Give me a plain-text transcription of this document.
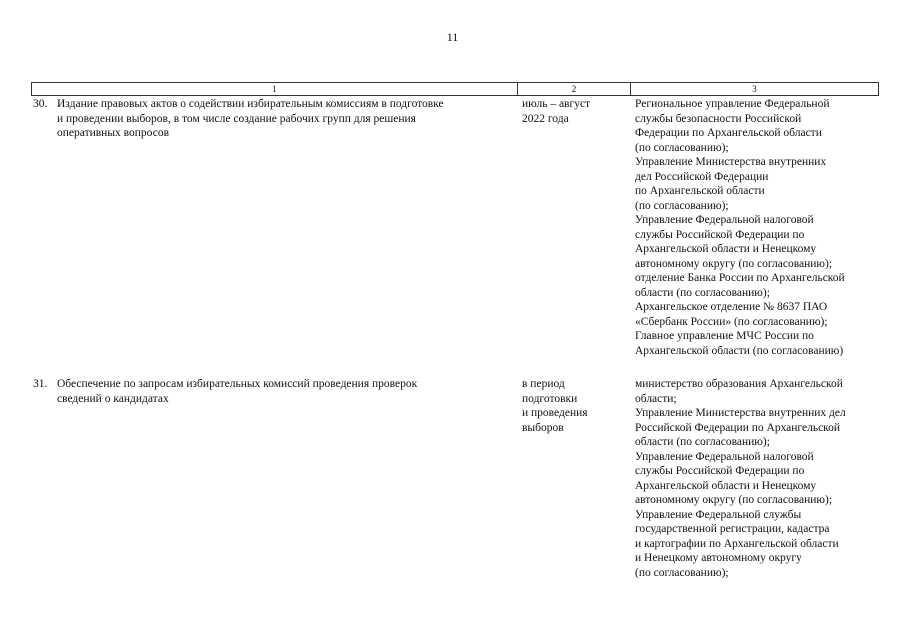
11
1	2	3
30. Издание правовых актов о содействии избирательным комиссиям в подготовке
и проведении выборов, в том числе создание рабочих групп для решения
оперативных вопросов
июль – август
2022 года
Региональное управление Федеральной
службы безопасности Российской
Федерации по Архангельской области
(по согласованию);
Управление Министерства внутренних
дел Российской Федерации
по Архангельской области
(по согласованию);
Управление Федеральной налоговой
службы Российской Федерации по
Архангельской области и Ненецкому
автономному округу (по согласованию);
отделение Банка России по Архангельской
области (по согласованию);
Архангельское отделение № 8637 ПАО
«Сбербанк России» (по согласованию);
Главное управление МЧС России по
Архангельской области (по согласованию)
31. Обеспечение по запросам избирательных комиссий проведения проверок
сведений о кандидатах
в период
подготовки
и проведения
выборов
министерство образования Архангельской
области;
Управление Министерства внутренних дел
Российской Федерации по Архангельской
области (по согласованию);
Управление Федеральной налоговой
службы Российской Федерации по
Архангельской области и Ненецкому
автономному округу (по согласованию);
Управление Федеральной службы
государственной регистрации, кадастра
и картографии по Архангельской области
и Ненецкому автономному округу
(по согласованию);
